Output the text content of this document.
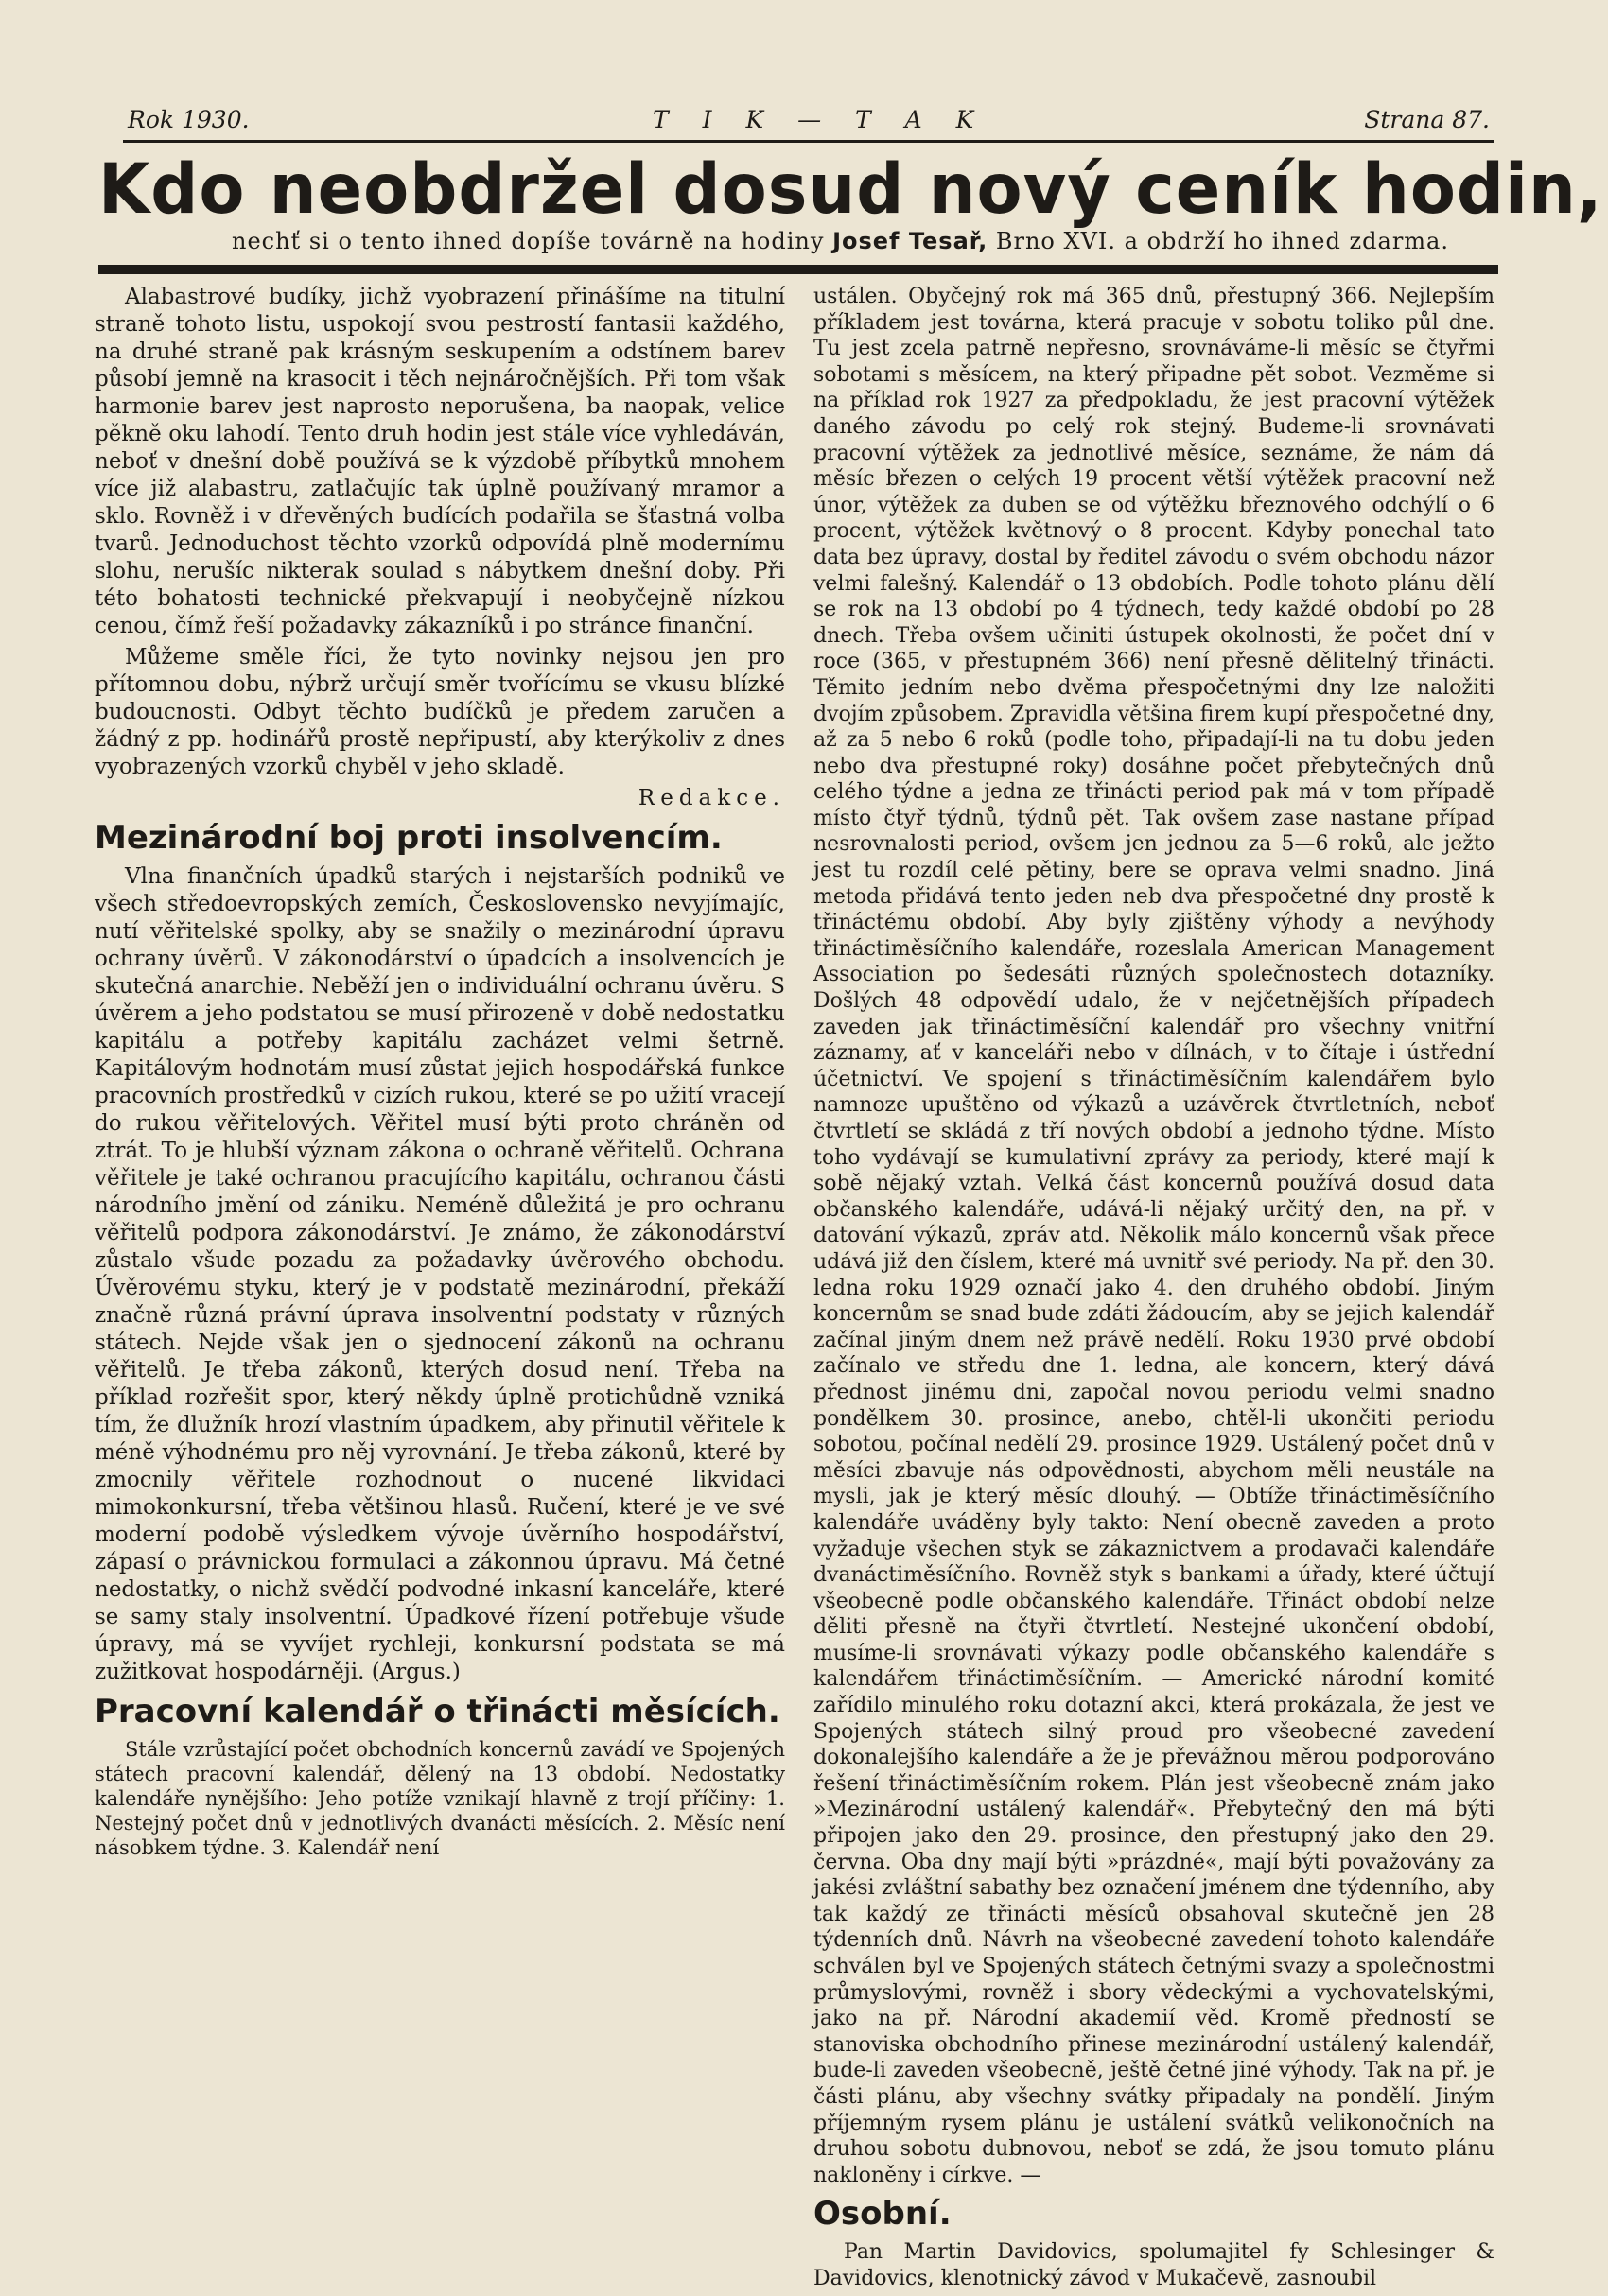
Rok 1930.	T I K — T A K	Strana 87.
Kdo neobdržel dosud nový ceník hodin,
nechť si o tento ihned dopíše továrně na hodiny Josef Tesař, Brno XVI. a obdrží ho ihned zdarma.

Alabastrové budíky, jichž vyobrazení přinášíme na titulní straně tohoto listu, uspokojí svou pestrostí fantasii každého, na druhé straně pak krásným seskupením a odstínem barev působí jemně na krasocit i těch nejnáročnějších. Při tom však harmonie barev jest naprosto neporušena, ba naopak, velice pěkně oku lahodí. Tento druh hodin jest stále více vyhledáván, neboť v dnešní době používá se k výzdobě příbytků mnohem více již alabastru, zatlačujíc tak úplně používaný mramor a sklo. Rovněž i v dřevěných budících podařila se šťastná volba tvarů. Jednoduchost těchto vzorků odpovídá plně modernímu slohu, nerušíc nikterak soulad s nábytkem dnešní doby. Při této bohatosti technické překvapují i neobyčejně nízkou cenou, čímž řeší požadavky zákazníků i po stránce finanční.

Můžeme směle říci, že tyto novinky nejsou jen pro přítomnou dobu, nýbrž určují směr tvořícímu se vkusu blízké budoucnosti. Odbyt těchto budíčků je předem zaručen a žádný z pp. hodinářů prostě nepřipustí, aby kterýkoliv z dnes vyobrazených vzorků chyběl v jeho skladě.

Redakce.
Mezinárodní boj proti insolvencím.

Vlna finančních úpadků starých i nejstarších podniků ve všech středoevropských zemích, Československo nevyjímajíc, nutí věřitelské spolky, aby se snažily o mezinárodní úpravu ochrany úvěrů. V zákonodárství o úpadcích a insolvencích je skutečná anarchie. Neběží jen o individuální ochranu úvěru. S úvěrem a jeho podstatou se musí přirozeně v době nedostatku kapitálu a potřeby kapitálu zacházet velmi šetrně. Kapitálovým hodnotám musí zůstat jejich hospodářská funkce pracovních prostředků v cizích rukou, které se po užití vracejí do rukou věřitelových. Věřitel musí býti proto chráněn od ztrát. To je hlubší význam zákona o ochraně věřitelů. Ochrana věřitele je také ochranou pracujícího kapitálu, ochranou části národního jmění od zániku. Neméně důležitá je pro ochranu věřitelů podpora zákonodárství. Je známo, že zákonodárství zůstalo všude pozadu za požadavky úvěrového obchodu. Úvěrovému styku, který je v podstatě mezinárodní, překáží značně různá právní úprava insolventní podstaty v různých státech. Nejde však jen o sjednocení zákonů na ochranu věřitelů. Je třeba zákonů, kterých dosud není. Třeba na příklad rozřešit spor, který někdy úplně protichůdně vzniká tím, že dlužník hrozí vlastním úpadkem, aby přinutil věřitele k méně výhodnému pro něj vyrovnání. Je třeba zákonů, které by zmocnily věřitele rozhodnout o nucené likvidaci mimokonkursní, třeba většinou hlasů. Ručení, které je ve své moderní podobě výsledkem vývoje úvěrního hospodářství, zápasí o právnickou formulaci a zákonnou úpravu. Má četné nedostatky, o nichž svědčí podvodné inkasní kanceláře, které se samy staly insolventní. Úpadkové řízení potřebuje všude úpravy, má se vyvíjet rychleji, konkursní podstata se má zužitkovat hospodárněji. (Argus.)

Pracovní kalendář o třinácti měsících.

Stále vzrůstající počet obchodních koncernů zavádí ve Spojených státech pracovní kalendář, dělený na 13 období. Nedostatky kalendáře nynějšího: Jeho potíže vznikají hlavně z trojí příčiny: 1. Nestejný počet dnů v jednotlivých dvanácti měsících. 2. Měsíc není násobkem týdne. 3. Kalendář není

ustálen. Obyčejný rok má 365 dnů, přestupný 366. Nejlepším příkladem jest továrna, která pracuje v sobotu toliko půl dne. Tu jest zcela patrně nepřesno, srovnáváme-li měsíc se čtyřmi sobotami s měsícem, na který připadne pět sobot. Vezměme si na příklad rok 1927 za předpokladu, že jest pracovní výtěžek daného závodu po celý rok stejný. Budeme-li srovnávati pracovní výtěžek za jednotlivé měsíce, seznáme, že nám dá měsíc březen o celých 19 procent větší výtěžek pracovní než únor, výtěžek za duben se od výtěžku březnového odchýlí o 6 procent, výtěžek květnový o 8 procent. Kdyby ponechal tato data bez úpravy, dostal by ředitel závodu o svém obchodu názor velmi falešný. Kalendář o 13 obdobích. Podle tohoto plánu dělí se rok na 13 období po 4 týdnech, tedy každé období po 28 dnech. Třeba ovšem učiniti ústupek okolnosti, že počet dní v roce (365, v přestupném 366) není přesně dělitelný třinácti. Těmito jedním nebo dvěma přespočetnými dny lze naložiti dvojím způsobem. Zpravidla většina firem kupí přespočetné dny, až za 5 nebo 6 roků (podle toho, připadají-li na tu dobu jeden nebo dva přestupné roky) dosáhne počet přebytečných dnů celého týdne a jedna ze třinácti period pak má v tom případě místo čtyř týdnů, týdnů pět. Tak ovšem zase nastane případ nesrovnalosti period, ovšem jen jednou za 5—6 roků, ale ježto jest tu rozdíl celé pětiny, bere se oprava velmi snadno. Jiná metoda přidává tento jeden neb dva přespočetné dny prostě k třináctému období. Aby byly zjištěny výhody a nevýhody třináctiměsíčního kalendáře, rozeslala American Management Association po šedesáti různých společnostech dotazníky. Došlých 48 odpovědí udalo, že v nejčetnějších případech zaveden jak třináctiměsíční kalendář pro všechny vnitřní záznamy, ať v kanceláři nebo v dílnách, v to čítaje i ústřední účetnictví. Ve spojení s třináctiměsíčním kalendářem bylo namnoze upuštěno od výkazů a uzávěrek čtvrtletních, neboť čtvrtletí se skládá z tří nových období a jednoho týdne. Místo toho vydávají se kumulativní zprávy za periody, které mají k sobě nějaký vztah. Velká část koncernů používá dosud data občanského kalendáře, udává-li nějaký určitý den, na př. v datování výkazů, zpráv atd. Několik málo koncernů však přece udává již den číslem, které má uvnitř své periody. Na př. den 30. ledna roku 1929 označí jako 4. den druhého období. Jiným koncernům se snad bude zdáti žádoucím, aby se jejich kalendář začínal jiným dnem než právě nedělí. Roku 1930 prvé období začínalo ve středu dne 1. ledna, ale koncern, který dává přednost jinému dni, započal novou periodu velmi snadno pondělkem 30. prosince, anebo, chtěl-li ukončiti periodu sobotou, počínal nedělí 29. prosince 1929. Ustálený počet dnů v měsíci zbavuje nás odpovědnosti, abychom měli neustále na mysli, jak je který měsíc dlouhý. — Obtíže třináctiměsíčního kalendáře uváděny byly takto: Není obecně zaveden a proto vyžaduje všechen styk se zákaznictvem a prodavači kalendáře dvanáctiměsíčního. Rovněž styk s bankami a úřady, které účtují všeobecně podle občanského kalendáře. Třináct období nelze děliti přesně na čtyři čtvrtletí. Nestejné ukončení období, musíme-li srovnávati výkazy podle občanského kalendáře s kalendářem třináctiměsíčním. — Americké národní komité zařídilo minulého roku dotazní akci, která prokázala, že jest ve Spojených státech silný proud pro všeobecné zavedení dokonalejšího kalendáře a že je převážnou měrou podporováno řešení třináctiměsíčním rokem. Plán jest všeobecně znám jako »Mezinárodní ustálený kalendář«. Přebytečný den má býti připojen jako den 29. prosince, den přestupný jako den 29. června. Oba dny mají býti »prázdné«, mají býti považovány za jakési zvláštní sabathy bez označení jménem dne týdenního, aby tak každý ze třinácti měsíců obsahoval skutečně jen 28 týdenních dnů. Návrh na všeobecné zavedení tohoto kalendáře schválen byl ve Spojených státech četnými svazy a společnostmi průmyslovými, rovněž i sbory vědeckými a vychovatelskými, jako na př. Národní akademií věd. Kromě předností se stanoviska obchodního přinese mezinárodní ustálený kalendář, bude-li zaveden všeobecně, ještě četné jiné výhody. Tak na př. je části plánu, aby všechny svátky připadaly na pondělí. Jiným příjemným rysem plánu je ustálení svátků velikonočních na druhou sobotu dubnovou, neboť se zdá, že jsou tomuto plánu nakloněny i církve. —

Osobní.

Pan Martin Davidovics, spolumajitel fy Schlesinger & Davidovics, klenotnický závod v Mukačevě, zasnoubil
